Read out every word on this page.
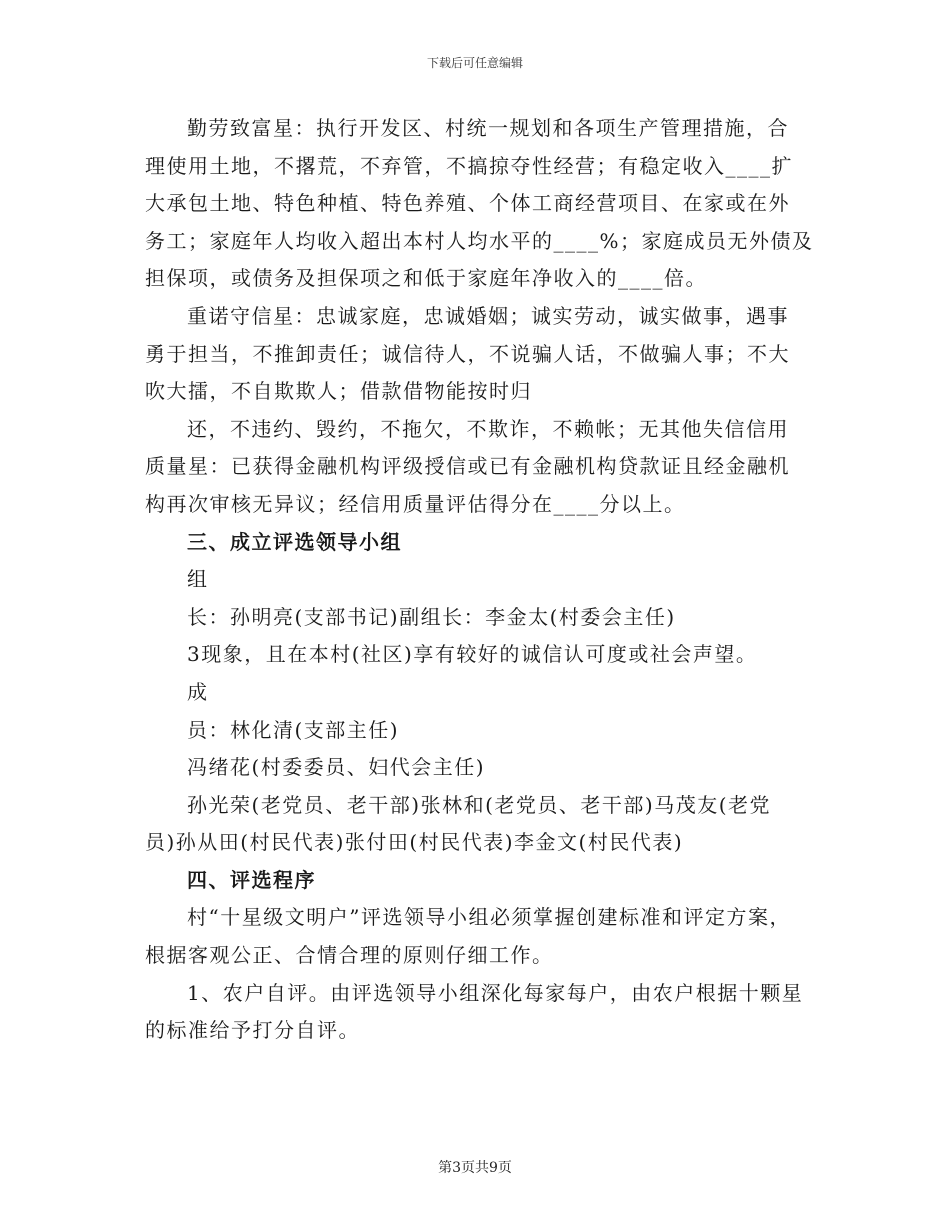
下载后可任意编辑
勤劳致富星：执行开发区、村统一规划和各项生产管理措施，合
理使用土地，不撂荒，不弃管，不搞掠夺性经营；有稳定收入____扩
大承包土地、特色种植、特色养殖、个体工商经营项目、在家或在外
务工；家庭年人均收入超出本村人均水平的____%；家庭成员无外债及
担保项，或债务及担保项之和低于家庭年净收入的____倍。
重诺守信星：忠诚家庭，忠诚婚姻；诚实劳动，诚实做事，遇事
勇于担当，不推卸责任；诚信待人，不说骗人话，不做骗人事；不大
吹大擂，不自欺欺人；借款借物能按时归
还，不违约、毁约，不拖欠，不欺诈，不赖帐；无其他失信信用
质量星：已获得金融机构评级授信或已有金融机构贷款证且经金融机
构再次审核无异议；经信用质量评估得分在____分以上。
三、成立评选领导小组
组
长：孙明亮(支部书记)副组长：李金太(村委会主任)
3现象，且在本村(社区)享有较好的诚信认可度或社会声望。
成
员：林化清(支部主任)
冯绪花(村委委员、妇代会主任)
孙光荣(老党员、老干部)张林和(老党员、老干部)马茂友(老党
员)孙从田(村民代表)张付田(村民代表)李金文(村民代表)
四、评选程序
村“十星级文明户”评选领导小组必须掌握创建标准和评定方案，
根据客观公正、合情合理的原则仔细工作。
1、农户自评。由评选领导小组深化每家每户，由农户根据十颗星
的标准给予打分自评。
第3页共9页
